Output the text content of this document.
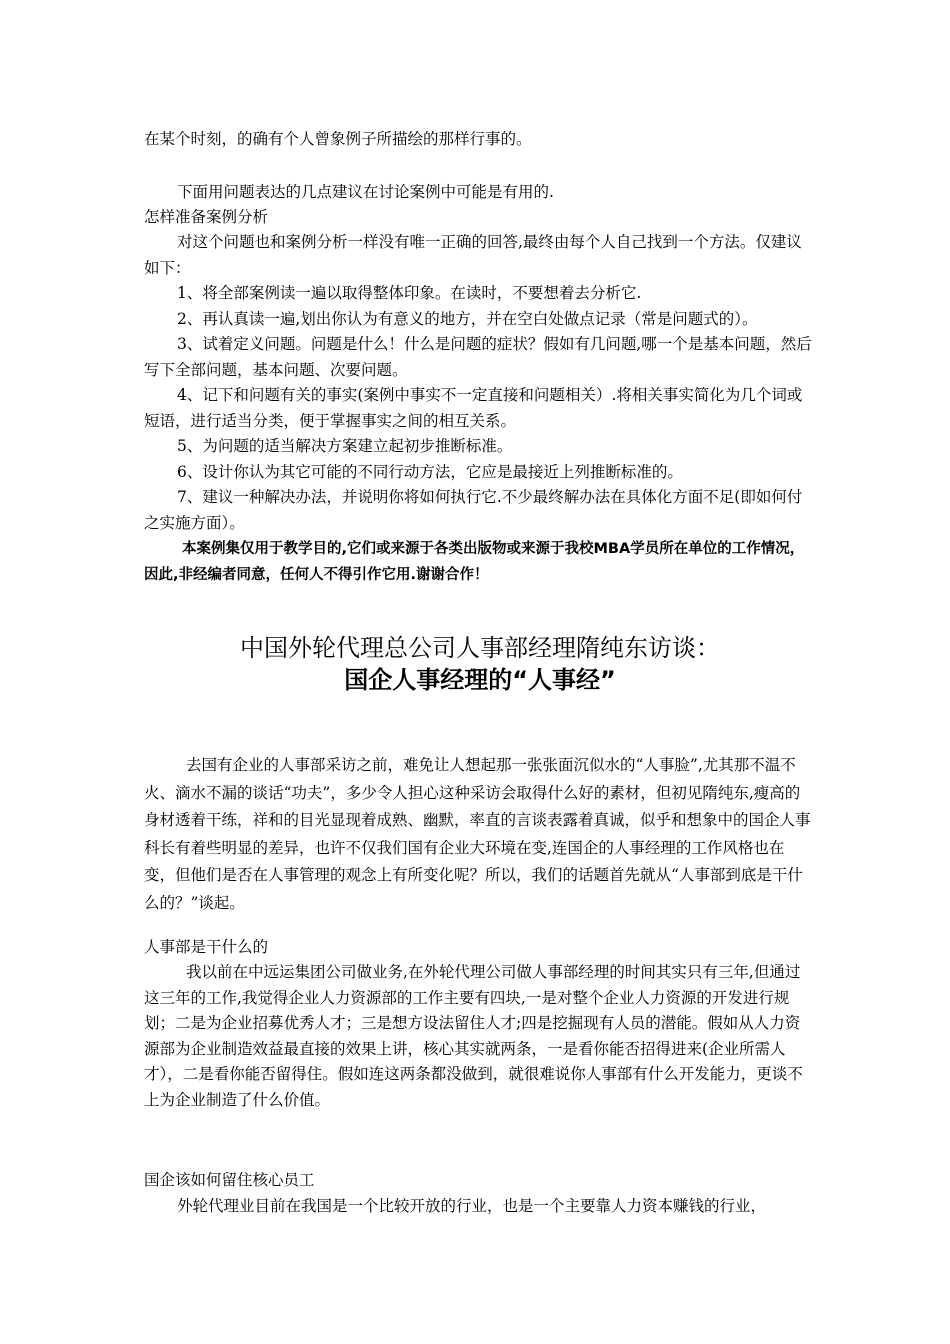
在某个时刻，的确有个人曾象例子所描绘的那样行事的。

下面用问题表达的几点建议在讨论案例中可能是有用的.

怎样准备案例分析

对这个问题也和案例分析一样没有唯一正确的回答,最终由每个人自己找到一个方法。仅建议如下：

1、将全部案例读一遍以取得整体印象。在读时，不要想着去分析它.

2、再认真读一遍,划出你认为有意义的地方，并在空白处做点记录（常是问题式的）。

3、试着定义问题。问题是什么！什么是问题的症状？假如有几问题,哪一个是基本问题，然后写下全部问题，基本问题、次要问题。

4、记下和问题有关的事实(案例中事实不一定直接和问题相关）.将相关事实简化为几个词或短语，进行适当分类，便于掌握事实之间的相互关系。

5、为问题的适当解决方案建立起初步推断标准。

6、设计你认为其它可能的不同行动方法，它应是最接近上列推断标准的。

7、建议一种解决办法，并说明你将如何执行它.不少最终解办法在具体化方面不足(即如何付之实施方面）。

本案例集仅用于教学目的,它们或来源于各类出版物或来源于我校MBA学员所在单位的工作情况，因此,非经编者同意，任何人不得引作它用.谢谢合作！

中国外轮代理总公司人事部经理隋纯东访谈：

国企人事经理的“人事经”

去国有企业的人事部采访之前，难免让人想起那一张张面沉似水的“人事脸”,尤其那不温不火、滴水不漏的谈话“功夫”，多少令人担心这种采访会取得什么好的素材，但初见隋纯东,瘦高的身材透着干练，祥和的目光显现着成熟、幽默，率直的言谈表露着真诚，似乎和想象中的国企人事科长有着些明显的差异，也许不仅我们国有企业大环境在变,连国企的人事经理的工作风格也在变，但他们是否在人事管理的观念上有所变化呢？所以，我们的话题首先就从“人事部到底是干什么的？”谈起。

人事部是干什么的

我以前在中远运集团公司做业务,在外轮代理公司做人事部经理的时间其实只有三年,但通过这三年的工作,我觉得企业人力资源部的工作主要有四块,一是对整个企业人力资源的开发进行规划；二是为企业招募优秀人才；三是想方设法留住人才;四是挖掘现有人员的潜能。假如从人力资源部为企业制造效益最直接的效果上讲，核心其实就两条，一是看你能否招得进来(企业所需人才），二是看你能否留得住。假如连这两条都没做到，就很难说你人事部有什么开发能力，更谈不上为企业制造了什么价值。

国企该如何留住核心员工

外轮代理业目前在我国是一个比较开放的行业，也是一个主要靠人力资本赚钱的行业，
